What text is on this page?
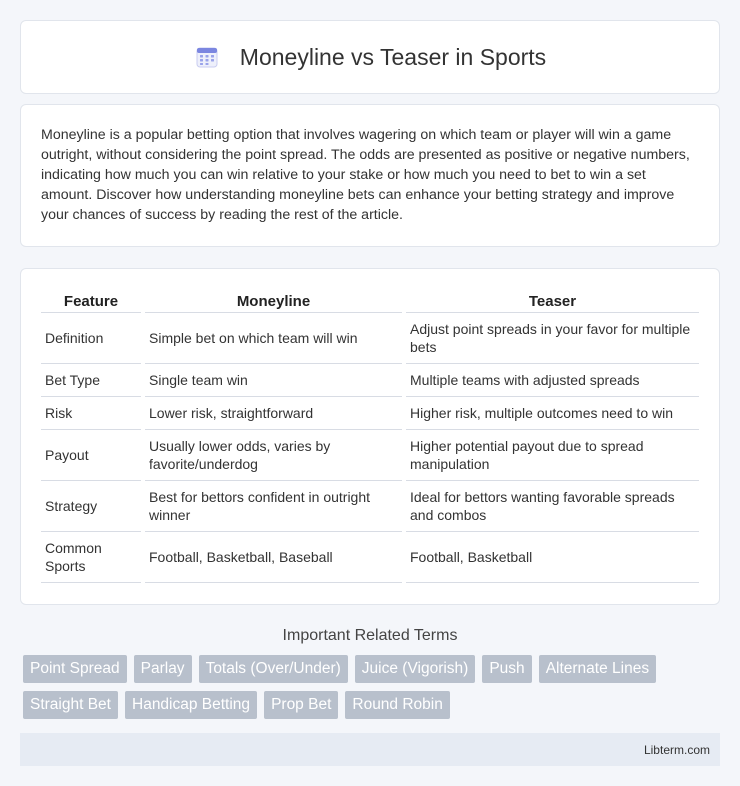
Moneyline vs Teaser in Sports

Moneyline is a popular betting option that involves wagering on which team or player will win a game outright, without considering the point spread. The odds are presented as positive or negative numbers, indicating how much you can win relative to your stake or how much you need to bet to win a set amount. Discover how understanding moneyline bets can enhance your betting strategy and improve your chances of success by reading the rest of the article.

Feature	Moneyline	Teaser
Definition	Simple bet on which team will win	Adjust point spreads in your favor for multiple bets
Bet Type	Single team win	Multiple teams with adjusted spreads
Risk	Lower risk, straightforward	Higher risk, multiple outcomes need to win
Payout	Usually lower odds, varies by favorite/underdog	Higher potential payout due to spread manipulation
Strategy	Best for bettors confident in outright winner	Ideal for bettors wanting favorable spreads and combos
Common Sports	Football, Basketball, Baseball	Football, Basketball
Important Related Terms
Point Spread	Parlay	Totals (Over/Under)	Juice (Vigorish)	Push	Alternate Lines
Straight Bet	Handicap Betting	Prop Bet	Round Robin
Libterm.com
